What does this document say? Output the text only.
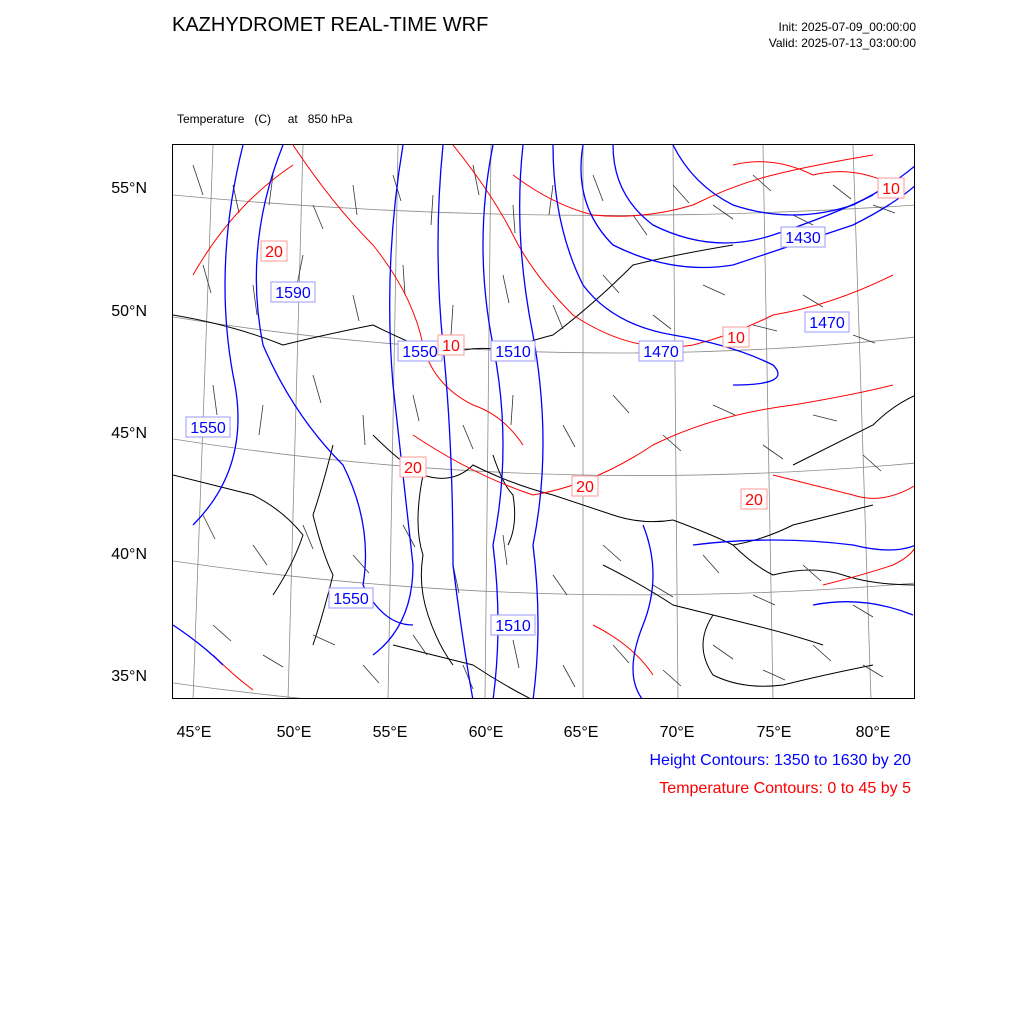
KAZHYDROMET REAL-TIME WRF	Init: 2025-07-09_00:00:00
Valid: 2025-07-13_03:00:00

Temperature   (C)     at   850 hPa

1590
1550	1510	1470
1430
1470
1550
1550
1510
20
10
20
20
20
10
10
55°N
50°N
45°N
40°N
35°N
45°E	50°E	55°E	60°E	65°E	70°E	75°E	80°E
Height Contours: 1350 to 1630 by 20
Temperature Contours: 0 to 45 by 5
